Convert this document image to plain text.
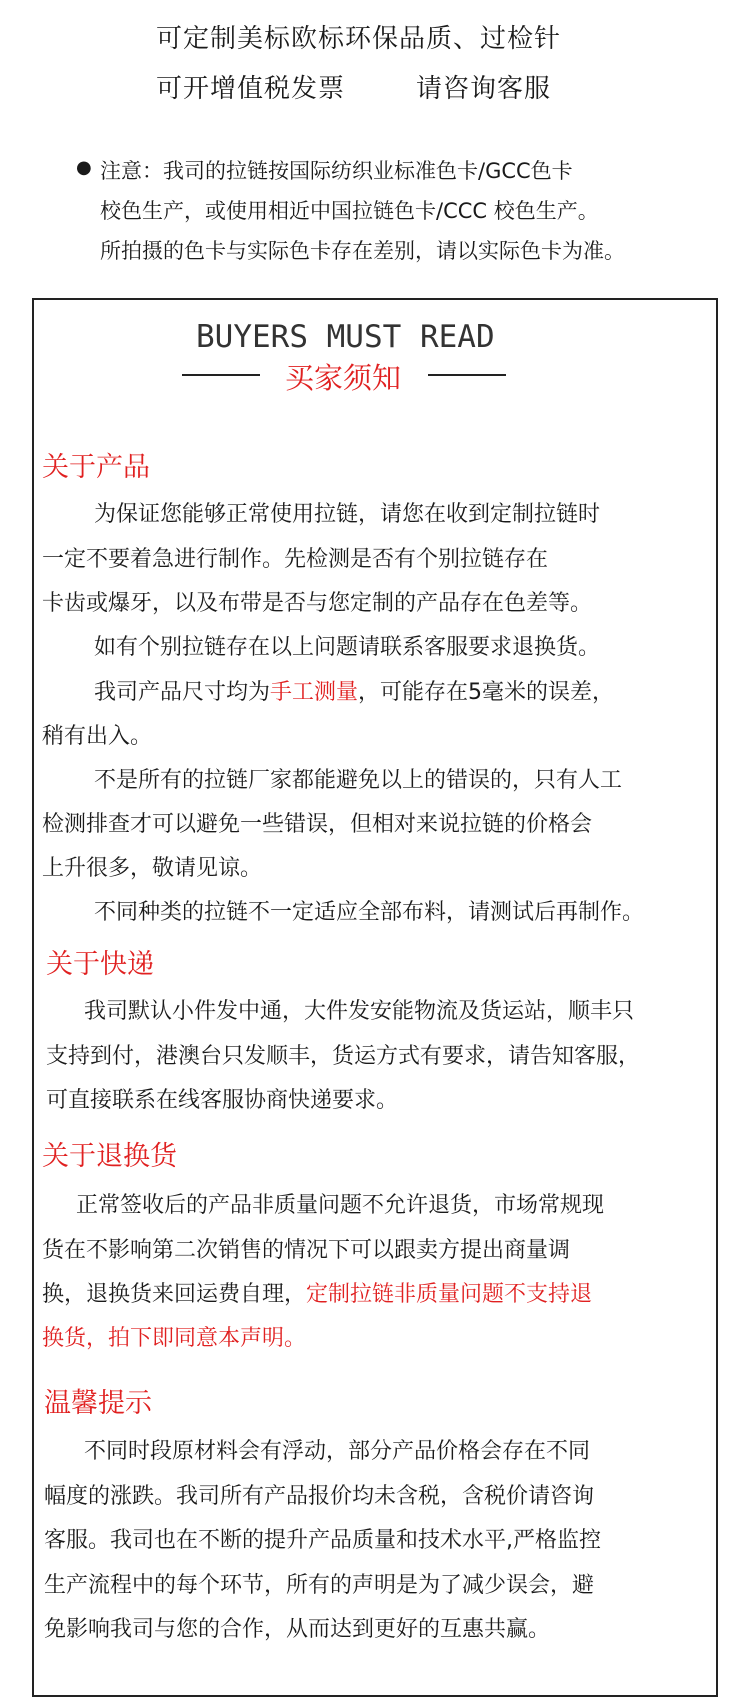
可定制美标欧标环保品质、过检针
可开增值税发票	请咨询客服
● 注意：我司的拉链按国际纺织业标准色卡/GCC色卡
校色生产，或使用相近中国拉链色卡/CCC 校色生产。
所拍摄的色卡与实际色卡存在差别，请以实际色卡为准。
BUYERS MUST READ
买家须知
关于产品
为保证您能够正常使用拉链，请您在收到定制拉链时
一定不要着急进行制作。先检测是否有个别拉链存在
卡齿或爆牙，以及布带是否与您定制的产品存在色差等。
如有个别拉链存在以上问题请联系客服要求退换货。
我司产品尺寸均为手工测量，可能存在5毫米的误差，
稍有出入。
不是所有的拉链厂家都能避免以上的错误的，只有人工
检测排查才可以避免一些错误，但相对来说拉链的价格会
上升很多，敬请见谅。
不同种类的拉链不一定适应全部布料，请测试后再制作。
关于快递
我司默认小件发中通，大件发安能物流及货运站，顺丰只
支持到付，港澳台只发顺丰，货运方式有要求，请告知客服，
可直接联系在线客服协商快递要求。
关于退换货
正常签收后的产品非质量问题不允许退货，市场常规现
货在不影响第二次销售的情况下可以跟卖方提出商量调
换，退换货来回运费自理，定制拉链非质量问题不支持退
换货，拍下即同意本声明。
温馨提示
不同时段原材料会有浮动，部分产品价格会存在不同
幅度的涨跌。我司所有产品报价均未含税，含税价请咨询
客服。我司也在不断的提升产品质量和技术水平,严格监控
生产流程中的每个环节，所有的声明是为了减少误会，避
免影响我司与您的合作，从而达到更好的互惠共赢。
